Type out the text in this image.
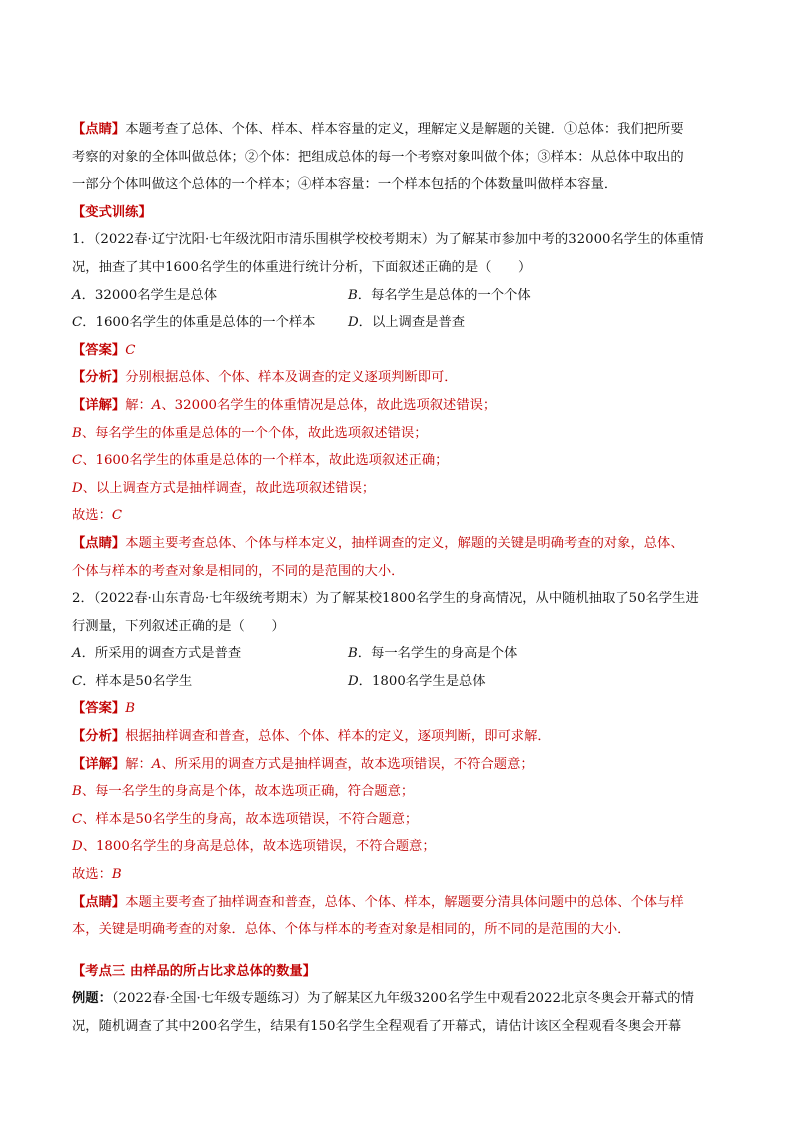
【点睛】本题考查了总体、个体、样本、样本容量的定义，理解定义是解题的关键．①总体：我们把所要
考察的对象的全体叫做总体；②个体：把组成总体的每一个考察对象叫做个体；③样本：从总体中取出的
一部分个体叫做这个总体的一个样本；④样本容量：一个样本包括的个体数量叫做样本容量．
【变式训练】
1．（2022春·辽宁沈阳·七年级沈阳市清乐围棋学校校考期末）为了解某市参加中考的32000名学生的体重情
况，抽查了其中1600名学生的体重进行统计分析，下面叙述正确的是（　　）
A．32000名学生是总体	B．每名学生是总体的一个个体
C．1600名学生的体重是总体的一个样本	D．以上调查是普查
【答案】C
【分析】分别根据总体、个体、样本及调查的定义逐项判断即可．
【详解】解：A、32000名学生的体重情况是总体，故此选项叙述错误；
B、每名学生的体重是总体的一个个体，故此选项叙述错误；
C、1600名学生的体重是总体的一个样本，故此选项叙述正确；
D、以上调查方式是抽样调查，故此选项叙述错误；
故选：C
【点睛】本题主要考查总体、个体与样本定义，抽样调查的定义，解题的关键是明确考查的对象，总体、
个体与样本的考查对象是相同的，不同的是范围的大小．
2．（2022春·山东青岛·七年级统考期末）为了解某校1800名学生的身高情况，从中随机抽取了50名学生进
行测量，下列叙述正确的是（　　）
A．所采用的调查方式是普查	B．每一名学生的身高是个体
C．样本是50名学生	D．1800名学生是总体
【答案】B
【分析】根据抽样调查和普查，总体、个体、样本的定义，逐项判断，即可求解．
【详解】解：A、所采用的调查方式是抽样调查，故本选项错误，不符合题意；
B、每一名学生的身高是个体，故本选项正确，符合题意；
C、样本是50名学生的身高，故本选项错误，不符合题意；
D、1800名学生的身高是总体，故本选项错误，不符合题意；
故选：B
【点睛】本题主要考查了抽样调查和普查，总体、个体、样本，解题要分清具体问题中的总体、个体与样
本，关键是明确考查的对象．总体、个体与样本的考查对象是相同的，所不同的是范围的大小．
【考点三 由样品的所占比求总体的数量】
例题：（2022春·全国·七年级专题练习）为了解某区九年级3200名学生中观看2022北京冬奥会开幕式的情
况，随机调查了其中200名学生，结果有150名学生全程观看了开幕式，请估计该区全程观看冬奥会开幕
